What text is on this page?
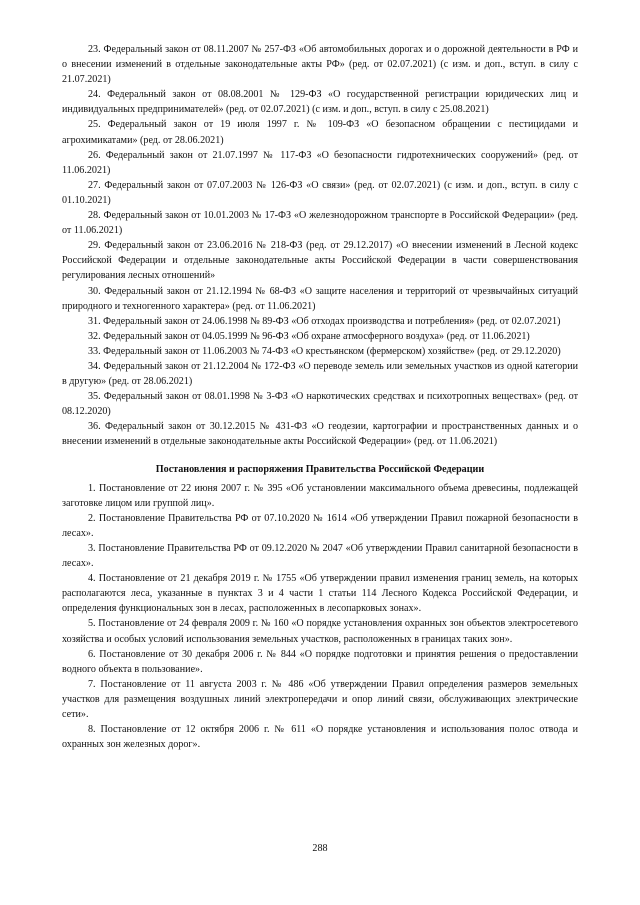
23. Федеральный закон от 08.11.2007 № 257-ФЗ «Об автомобильных дорогах и о дорожной деятельности в РФ и о внесении изменений в отдельные законодательные акты РФ» (ред. от 02.07.2021) (с изм. и доп., вступ. в силу с 21.07.2021)

24. Федеральный закон от 08.08.2001 № 129-ФЗ «О государственной регистрации юридических лиц и индивидуальных предпринимателей» (ред. от 02.07.2021) (с изм. и доп., вступ. в силу с 25.08.2021)

25. Федеральный закон от 19 июля 1997 г. № 109-ФЗ «О безопасном обращении с пестицидами и агрохимикатами» (ред. от 28.06.2021)

26. Федеральный закон от 21.07.1997 № 117-ФЗ «О безопасности гидротехнических сооружений» (ред. от 11.06.2021)

27. Федеральный закон от 07.07.2003 № 126-ФЗ «О связи» (ред. от 02.07.2021) (с изм. и доп., вступ. в силу с 01.10.2021)

28. Федеральный закон от 10.01.2003 № 17-ФЗ «О железнодорожном транспорте в Российской Федерации» (ред. от 11.06.2021)

29. Федеральный закон от 23.06.2016 № 218-ФЗ (ред. от 29.12.2017) «О внесении изменений в Лесной кодекс Российской Федерации и отдельные законодательные акты Российской Федерации в части совершенствования регулирования лесных отношений»

30. Федеральный закон от 21.12.1994 № 68-ФЗ «О защите населения и территорий от чрезвычайных ситуаций природного и техногенного характера» (ред. от 11.06.2021)

31. Федеральный закон от 24.06.1998 № 89-ФЗ «Об отходах производства и потребления» (ред. от 02.07.2021)

32. Федеральный закон от 04.05.1999 № 96-ФЗ «Об охране атмосферного воздуха» (ред. от 11.06.2021)

33. Федеральный закон от 11.06.2003 № 74-ФЗ «О крестьянском (фермерском) хозяйстве» (ред. от 29.12.2020)

34. Федеральный закон от 21.12.2004 № 172-ФЗ «О переводе земель или земельных участков из одной категории в другую» (ред. от 28.06.2021)

35. Федеральный закон от 08.01.1998 № 3-ФЗ «О наркотических средствах и психотропных веществах» (ред. от 08.12.2020)

36. Федеральный закон от 30.12.2015 № 431-ФЗ «О геодезии, картографии и пространственных данных и о внесении изменений в отдельные законодательные акты Российской Федерации» (ред. от 11.06.2021)

Постановления и распоряжения Правительства Российской Федерации

1. Постановление от 22 июня 2007 г. № 395 «Об установлении максимального объема древесины, подлежащей заготовке лицом или группой лиц».

2. Постановление Правительства РФ от 07.10.2020 № 1614 «Об утверждении Правил пожарной безопасности в лесах».

3. Постановление Правительства РФ от 09.12.2020 № 2047 «Об утверждении Правил санитарной безопасности в лесах».

4. Постановление от 21 декабря 2019 г. № 1755 «Об утверждении правил изменения границ земель, на которых располагаются леса, указанные в пунктах 3 и 4 части 1 статьи 114 Лесного Кодекса Российской Федерации, и определения функциональных зон в лесах, расположенных в лесопарковых зонах».

5. Постановление от 24 февраля 2009 г. № 160 «О порядке установления охранных зон объектов электросетевого хозяйства и особых условий использования земельных участков, расположенных в границах таких зон».

6. Постановление от 30 декабря 2006 г. № 844 «О порядке подготовки и принятия решения о предоставлении водного объекта в пользование».

7. Постановление от 11 августа 2003 г. № 486 «Об утверждении Правил определения размеров земельных участков для размещения воздушных линий электропередачи и опор линий связи, обслуживающих электрические сети».

8. Постановление от 12 октября 2006 г. № 611 «О порядке установления и использования полос отвода и охранных зон железных дорог».

288
